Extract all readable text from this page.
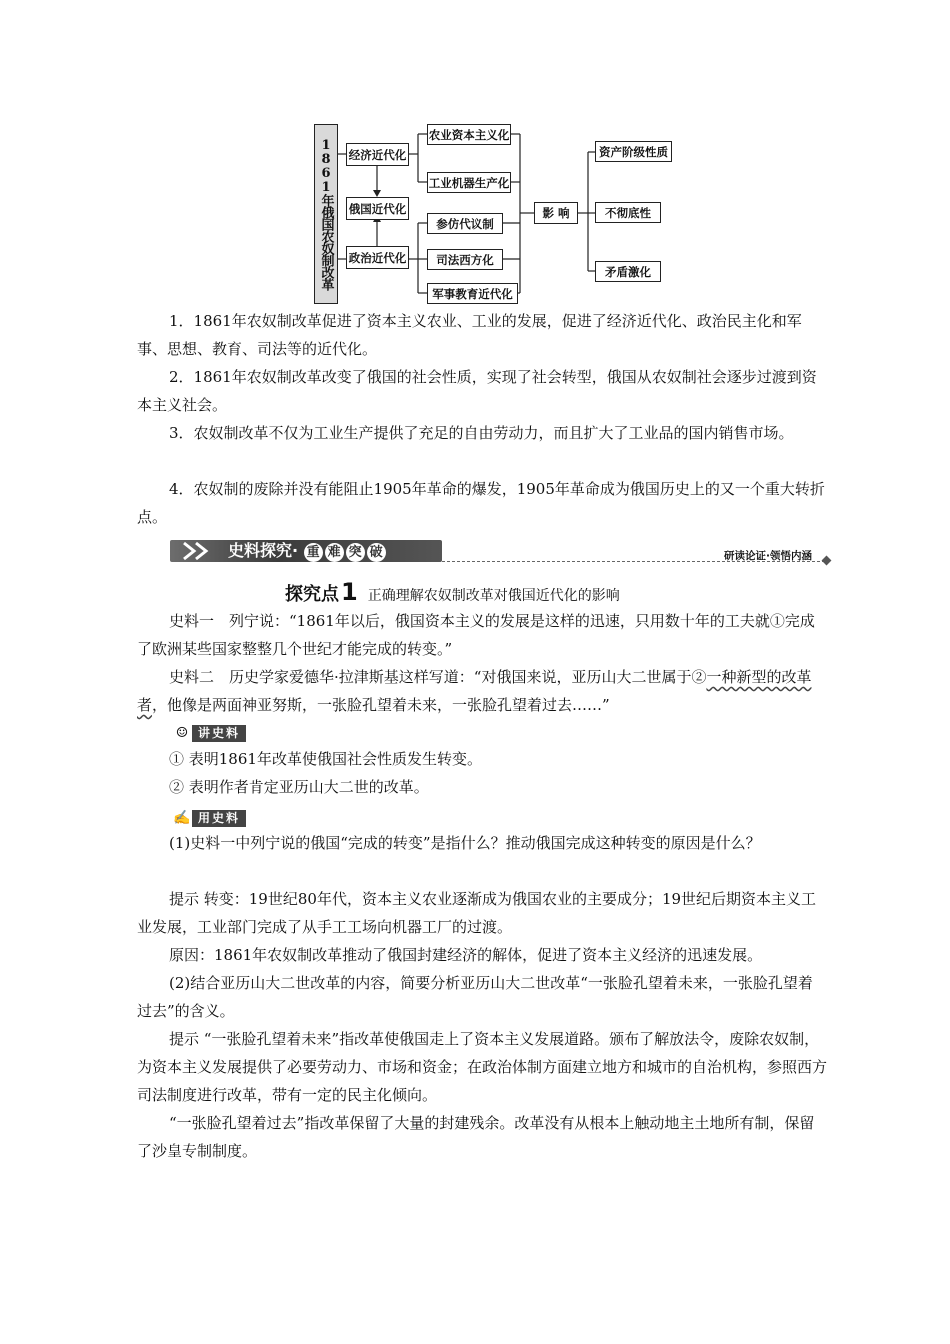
1861年俄国农奴制改革 经济近代化
俄国近代化
政治近代化
农业资本主义化
工业机器生产化
参仿代议制
司法西方化
军事教育近代化
影 响
资产阶级性质
不彻底性
矛盾激化

1．1861年农奴制改革促进了资本主义农业、工业的发展，促进了经济近代化、政治民主化和军事、思想、教育、司法等的近代化。

2．1861年农奴制改革改变了俄国的社会性质，实现了社会转型，俄国从农奴制社会逐步过渡到资本主义社会。

3．农奴制改革不仅为工业生产提供了充足的自由劳动力，而且扩大了工业品的国内销售市场。

4．农奴制的废除并没有能阻止1905年革命的爆发，1905年革命成为俄国历史上的又一个重大转折点。

史料探究· 重 难 突 破	研读论证·领悟内涵
探究点1 正确理解农奴制改革对俄国近代化的影响

史料一　列宁说：“1861年以后，俄国资本主义的发展是这样的迅速，只用数十年的工夫就①完成了欧洲某些国家整整几个世纪才能完成的转变。”

史料二　历史学家爱德华·拉津斯基这样写道：“对俄国来说，亚历山大二世属于②一种新型的改革者，他像是两面神亚努斯，一张脸孔望着未来，一张脸孔望着过去……”

☺ 讲史料

① 表明1861年改革使俄国社会性质发生转变。

② 表明作者肯定亚历山大二世的改革。

✍ 用史料

(1)史料一中列宁说的俄国“完成的转变”是指什么？推动俄国完成这种转变的原因是什么？

提示 转变：19世纪80年代，资本主义农业逐渐成为俄国农业的主要成分；19世纪后期资本主义工业发展，工业部门完成了从手工工场向机器工厂的过渡。

原因：1861年农奴制改革推动了俄国封建经济的解体，促进了资本主义经济的迅速发展。

(2)结合亚历山大二世改革的内容，简要分析亚历山大二世改革“一张脸孔望着未来，一张脸孔望着过去”的含义。

提示 “一张脸孔望着未来”指改革使俄国走上了资本主义发展道路。颁布了解放法令，废除农奴制，为资本主义发展提供了必要劳动力、市场和资金；在政治体制方面建立地方和城市的自治机构，参照西方司法制度进行改革，带有一定的民主化倾向。

“一张脸孔望着过去”指改革保留了大量的封建残余。改革没有从根本上触动地主土地所有制，保留了沙皇专制制度。
